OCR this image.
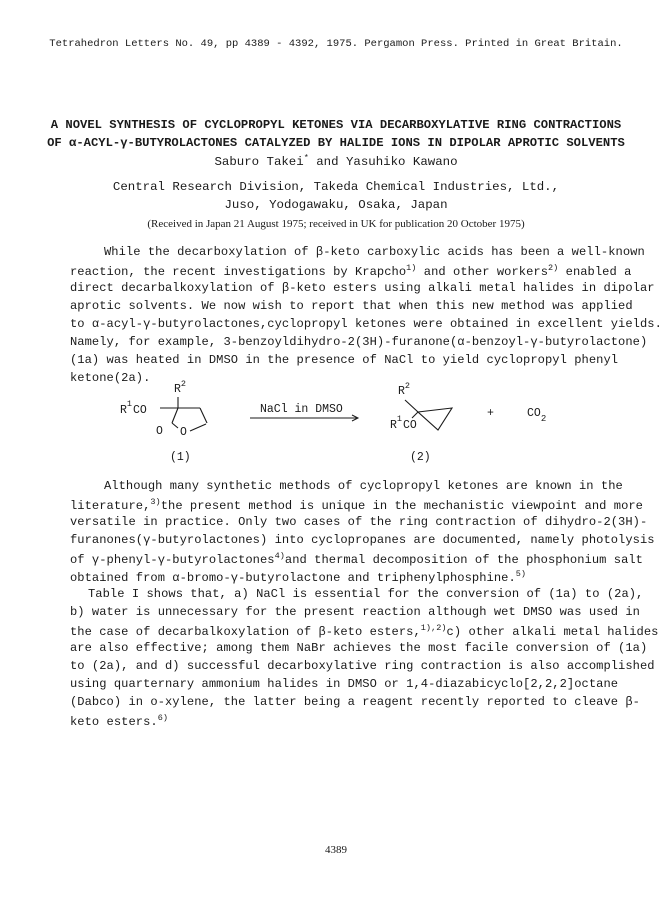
Tetrahedron Letters No. 49, pp 4389 - 4392, 1975. Pergamon Press. Printed in Great Britain.
A NOVEL SYNTHESIS OF CYCLOPROPYL KETONES VIA DECARBOXYLATIVE RING CONTRACTIONS
OF α-ACYL-γ-BUTYROLACTONES CATALYZED BY HALIDE IONS IN DIPOLAR APROTIC SOLVENTS
Saburo Takei* and Yasuhiko Kawano
Central Research Division, Takeda Chemical Industries, Ltd.,
Juso, Yodogawaku, Osaka, Japan
(Received in Japan 21 August 1975; received in UK for publication 20 October 1975)
While the decarboxylation of β-keto carboxylic acids has been a well-known
reaction, the recent investigations by Krapcho$^{1)}$ and other workers$^{2)}$ enabled a
direct decarbalkoxylation of β-keto esters using alkali metal halides in dipolar
aprotic solvents. We now wish to report that when this new method was applied
to α-acyl-γ-butyrolactones,cyclopropyl ketones were obtained in excellent yields.
Namely, for example, 3-benzoyldihydro-2(3H)-furanone(α-benzoyl-γ-butyrolactone)
(1a) was heated in DMSO in the presence of NaCl to yield cyclopropyl phenyl
ketone(2a).
$R^2$
$R^1CO$
O O
(1)
NaCl in DMSO
$R^2$
$R^1CO$
+	$CO_2$
(2)
Although many synthetic methods of cyclopropyl ketones are known in the
literature,$^{3)}$the present method is unique in the mechanistic viewpoint and more
versatile in practice. Only two cases of the ring contraction of dihydro-2(3H)-
furanones(γ-butyrolactones) into cyclopropanes are documented, namely photolysis
of γ-phenyl-γ-butyrolactones$^{4)}$and thermal decomposition of the phosphonium salt
obtained from α-bromo-γ-butyrolactone and triphenylphosphine.$^{5)}$
Table I shows that, a) NaCl is essential for the conversion of (1a) to (2a),
b) water is unnecessary for the present reaction although wet DMSO was used in
the case of decarbalkoxylation of β-keto esters,$^{1),2)}$c) other alkali metal halides
are also effective; among them NaBr achieves the most facile conversion of (1a)
to (2a), and d) successful decarboxylative ring contraction is also accomplished
using quarternary ammonium halides in DMSO or 1,4-diazabicyclo[2,2,2]octane
(Dabco) in o-xylene, the latter being a reagent recently reported to cleave β-
keto esters.$^{6)}$
4389
